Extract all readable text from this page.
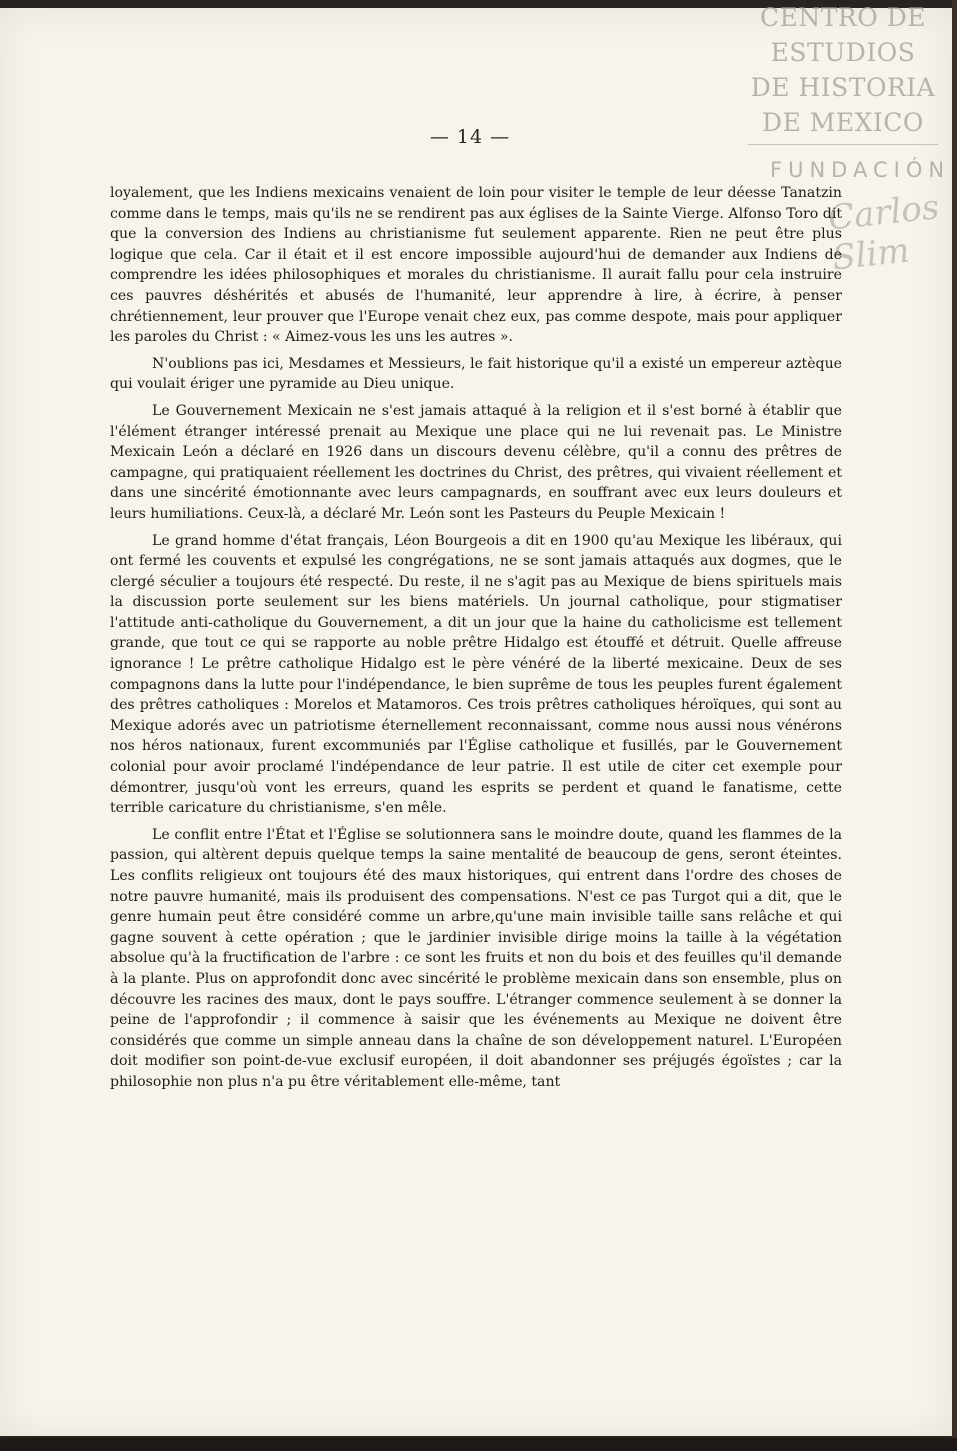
CENTRO DE
ESTUDIOS
DE HISTORIA
DE MEXICO
FUNDACIÓN
Carlos Slim
— 14 —

loyalement, que les Indiens mexicains venaient de loin pour visiter le temple de leur déesse Tanatzin comme dans le temps, mais qu'ils ne se rendirent pas aux églises de la Sainte Vierge. Alfonso Toro dit que la conversion des Indiens au christianisme fut seulement apparente. Rien ne peut être plus logique que cela. Car il était et il est encore impossible aujourd'hui de demander aux Indiens de comprendre les idées philosophiques et morales du christianisme. Il aurait fallu pour cela instruire ces pauvres déshérités et abusés de l'humanité, leur apprendre à lire, à écrire, à penser chrétiennement, leur prouver que l'Europe venait chez eux, pas comme despote, mais pour appliquer les paroles du Christ : « Aimez-vous les uns les autres ».

N'oublions pas ici, Mesdames et Messieurs, le fait historique qu'il a existé un empereur aztèque qui voulait ériger une pyramide au Dieu unique.

Le Gouvernement Mexicain ne s'est jamais attaqué à la religion et il s'est borné à établir que l'élément étranger intéressé prenait au Mexique une place qui ne lui revenait pas. Le Ministre Mexicain León a déclaré en 1926 dans un discours devenu célèbre, qu'il a connu des prêtres de campagne, qui pratiquaient réellement les doctrines du Christ, des prêtres, qui vivaient réellement et dans une sincérité émotionnante avec leurs campagnards, en souffrant avec eux leurs douleurs et leurs humiliations. Ceux-là, a déclaré Mr. León sont les Pasteurs du Peuple Mexicain !

Le grand homme d'état français, Léon Bourgeois a dit en 1900 qu'au Mexique les libéraux, qui ont fermé les couvents et expulsé les congrégations, ne se sont jamais attaqués aux dogmes, que le clergé séculier a toujours été respecté. Du reste, il ne s'agit pas au Mexique de biens spirituels mais la discussion porte seulement sur les biens matériels. Un journal catholique, pour stigmatiser l'attitude anti-catholique du Gouvernement, a dit un jour que la haine du catholicisme est tellement grande, que tout ce qui se rapporte au noble prêtre Hidalgo est étouffé et détruit. Quelle affreuse ignorance ! Le prêtre catholique Hidalgo est le père vénéré de la liberté mexicaine. Deux de ses compagnons dans la lutte pour l'indépendance, le bien suprême de tous les peuples furent également des prêtres catholiques : Morelos et Matamoros. Ces trois prêtres catholiques héroïques, qui sont au Mexique adorés avec un patriotisme éternellement reconnaissant, comme nous aussi nous vénérons nos héros nationaux, furent excommuniés par l'Église catholique et fusillés, par le Gouvernement colonial pour avoir proclamé l'indépendance de leur patrie. Il est utile de citer cet exemple pour démontrer, jusqu'où vont les erreurs, quand les esprits se perdent et quand le fanatisme, cette terrible caricature du christianisme, s'en mêle.

Le conflit entre l'État et l'Église se solutionnera sans le moindre doute, quand les flammes de la passion, qui altèrent depuis quelque temps la saine mentalité de beaucoup de gens, seront éteintes. Les conflits religieux ont toujours été des maux historiques, qui entrent dans l'ordre des choses de notre pauvre humanité, mais ils produisent des compensations. N'est ce pas Turgot qui a dit, que le genre humain peut être considéré comme un arbre,qu'une main invisible taille sans relâche et qui gagne souvent à cette opération ; que le jardinier invisible dirige moins la taille à la végétation absolue qu'à la fructification de l'arbre : ce sont les fruits et non du bois et des feuilles qu'il demande à la plante. Plus on approfondit donc avec sincérité le problème mexicain dans son ensemble, plus on découvre les racines des maux, dont le pays souffre. L'étranger commence seulement à se donner la peine de l'approfondir ; il commence à saisir que les événements au Mexique ne doivent être considérés que comme un simple anneau dans la chaîne de son développement naturel. L'Européen doit modifier son point-de-vue exclusif européen, il doit abandonner ses préjugés égoïstes ; car la philosophie non plus n'a pu être véritablement elle-même, tant
